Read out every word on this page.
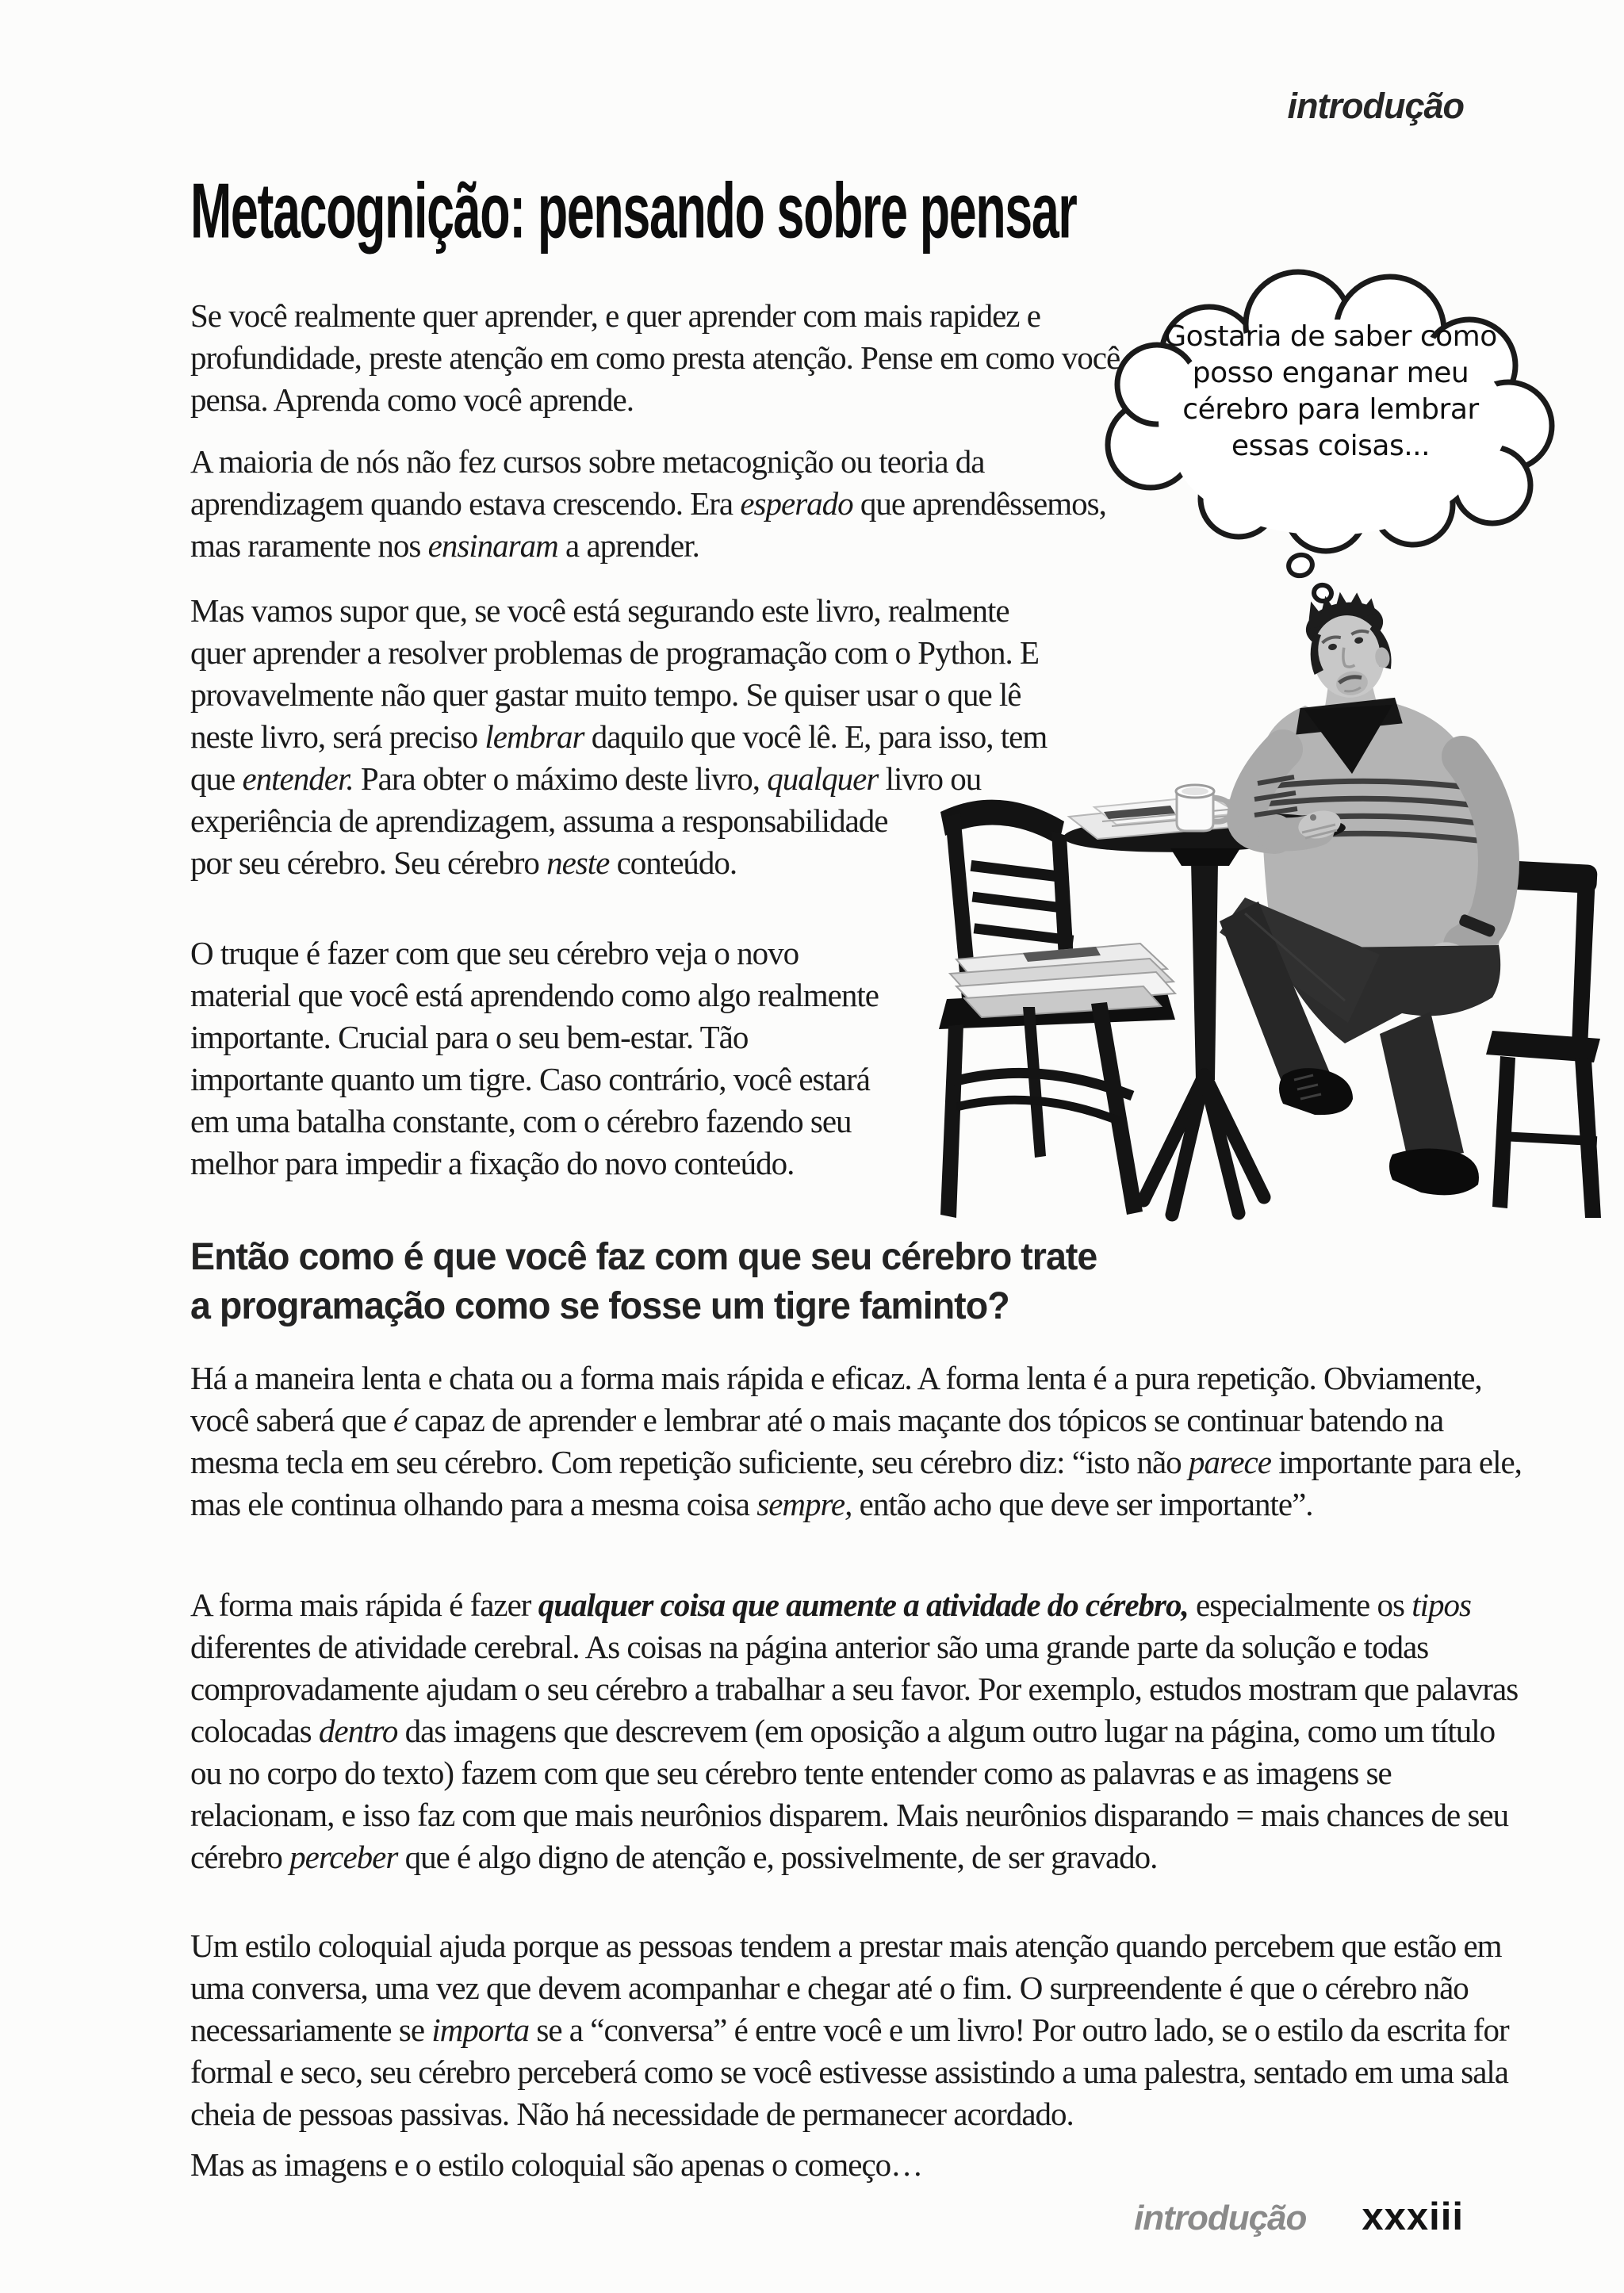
introdução
Metacognição: pensando sobre pensar

Se você realmente quer aprender, e quer aprender com mais rapidez e profundidade, preste atenção em como presta atenção. Pense em como você pensa. Aprenda como você aprende.

A maioria de nós não fez cursos sobre metacognição ou teoria da aprendizagem quando estava crescendo. Era esperado que aprendêssemos, mas raramente nos ensinaram a aprender.

Mas vamos supor que, se você está segurando este livro, realmente quer aprender a resolver problemas de programação com o Python. E provavelmente não quer gastar muito tempo. Se quiser usar o que lê neste livro, será preciso lembrar daquilo que você lê. E, para isso, tem que entender. Para obter o máximo deste livro, qualquer livro ou experiência de aprendizagem, assuma a responsabilidade por seu cérebro. Seu cérebro neste conteúdo.

O truque é fazer com que seu cérebro veja o novo material que você está aprendendo como algo realmente importante. Crucial para o seu bem-estar. Tão importante quanto um tigre. Caso contrário, você estará em uma batalha constante, com o cérebro fazendo seu melhor para impedir a fixação do novo conteúdo.

Gostaria de saber como posso enganar meu cérebro para lembrar essas coisas...
Então como é que você faz com que seu cérebro trate
a programação como se fosse um tigre faminto?

Há a maneira lenta e chata ou a forma mais rápida e eficaz. A forma lenta é a pura repetição. Obviamente, você saberá que é capaz de aprender e lembrar até o mais maçante dos tópicos se continuar batendo na mesma tecla em seu cérebro. Com repetição suficiente, seu cérebro diz: “isto não parece importante para ele, mas ele continua olhando para a mesma coisa sempre, então acho que deve ser importante”.

A forma mais rápida é fazer qualquer coisa que aumente a atividade do cérebro, especialmente os tipos diferentes de atividade cerebral. As coisas na página anterior são uma grande parte da solução e todas comprovadamente ajudam o seu cérebro a trabalhar a seu favor. Por exemplo, estudos mostram que palavras colocadas dentro das imagens que descrevem (em oposição a algum outro lugar na página, como um título ou no corpo do texto) fazem com que seu cérebro tente entender como as palavras e as imagens se relacionam, e isso faz com que mais neurônios disparem. Mais neurônios disparando = mais chances de seu cérebro perceber que é algo digno de atenção e, possivelmente, de ser gravado.

Um estilo coloquial ajuda porque as pessoas tendem a prestar mais atenção quando percebem que estão em uma conversa, uma vez que devem acompanhar e chegar até o fim. O surpreendente é que o cérebro não necessariamente se importa se a “conversa” é entre você e um livro! Por outro lado, se o estilo da escrita for formal e seco, seu cérebro perceberá como se você estivesse assistindo a uma palestra, sentado em uma sala cheia de pessoas passivas. Não há necessidade de permanecer acordado.

Mas as imagens e o estilo coloquial são apenas o começo…

introdução xxxiii
